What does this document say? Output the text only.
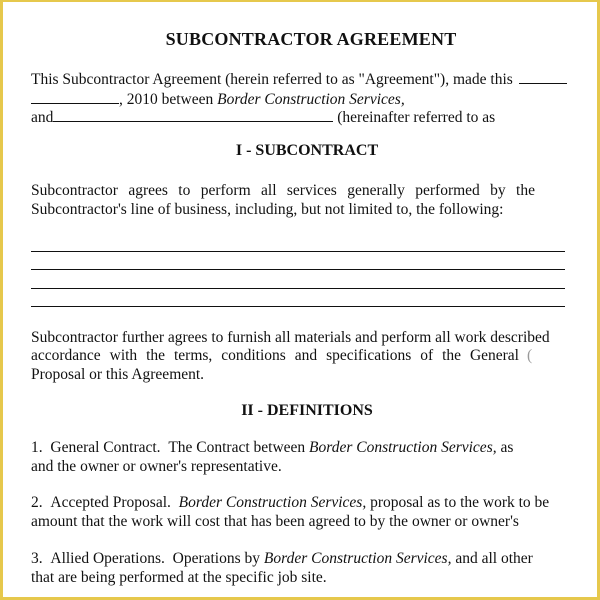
SUBCONTRACTOR AGREEMENT
This Subcontractor Agreement (herein referred to as "Agreement"), made this
, 2010 between Border Construction Services,
and	(hereinafter referred to as
I - SUBCONTRACT
Subcontractor agrees to perform all services generally performed by the
Subcontractor's line of business, including, but not limited to, the following:
Subcontractor further agrees to furnish all materials and perform all work described
accordance with the terms, conditions and specifications of the General (
Proposal or this Agreement.
II - DEFINITIONS
1. General Contract. The Contract between Border Construction Services, as
and the owner or owner's representative.
2. Accepted Proposal. Border Construction Services, proposal as to the work to be
amount that the work will cost that has been agreed to by the owner or owner's
3. Allied Operations. Operations by Border Construction Services, and all other
that are being performed at the specific job site.
